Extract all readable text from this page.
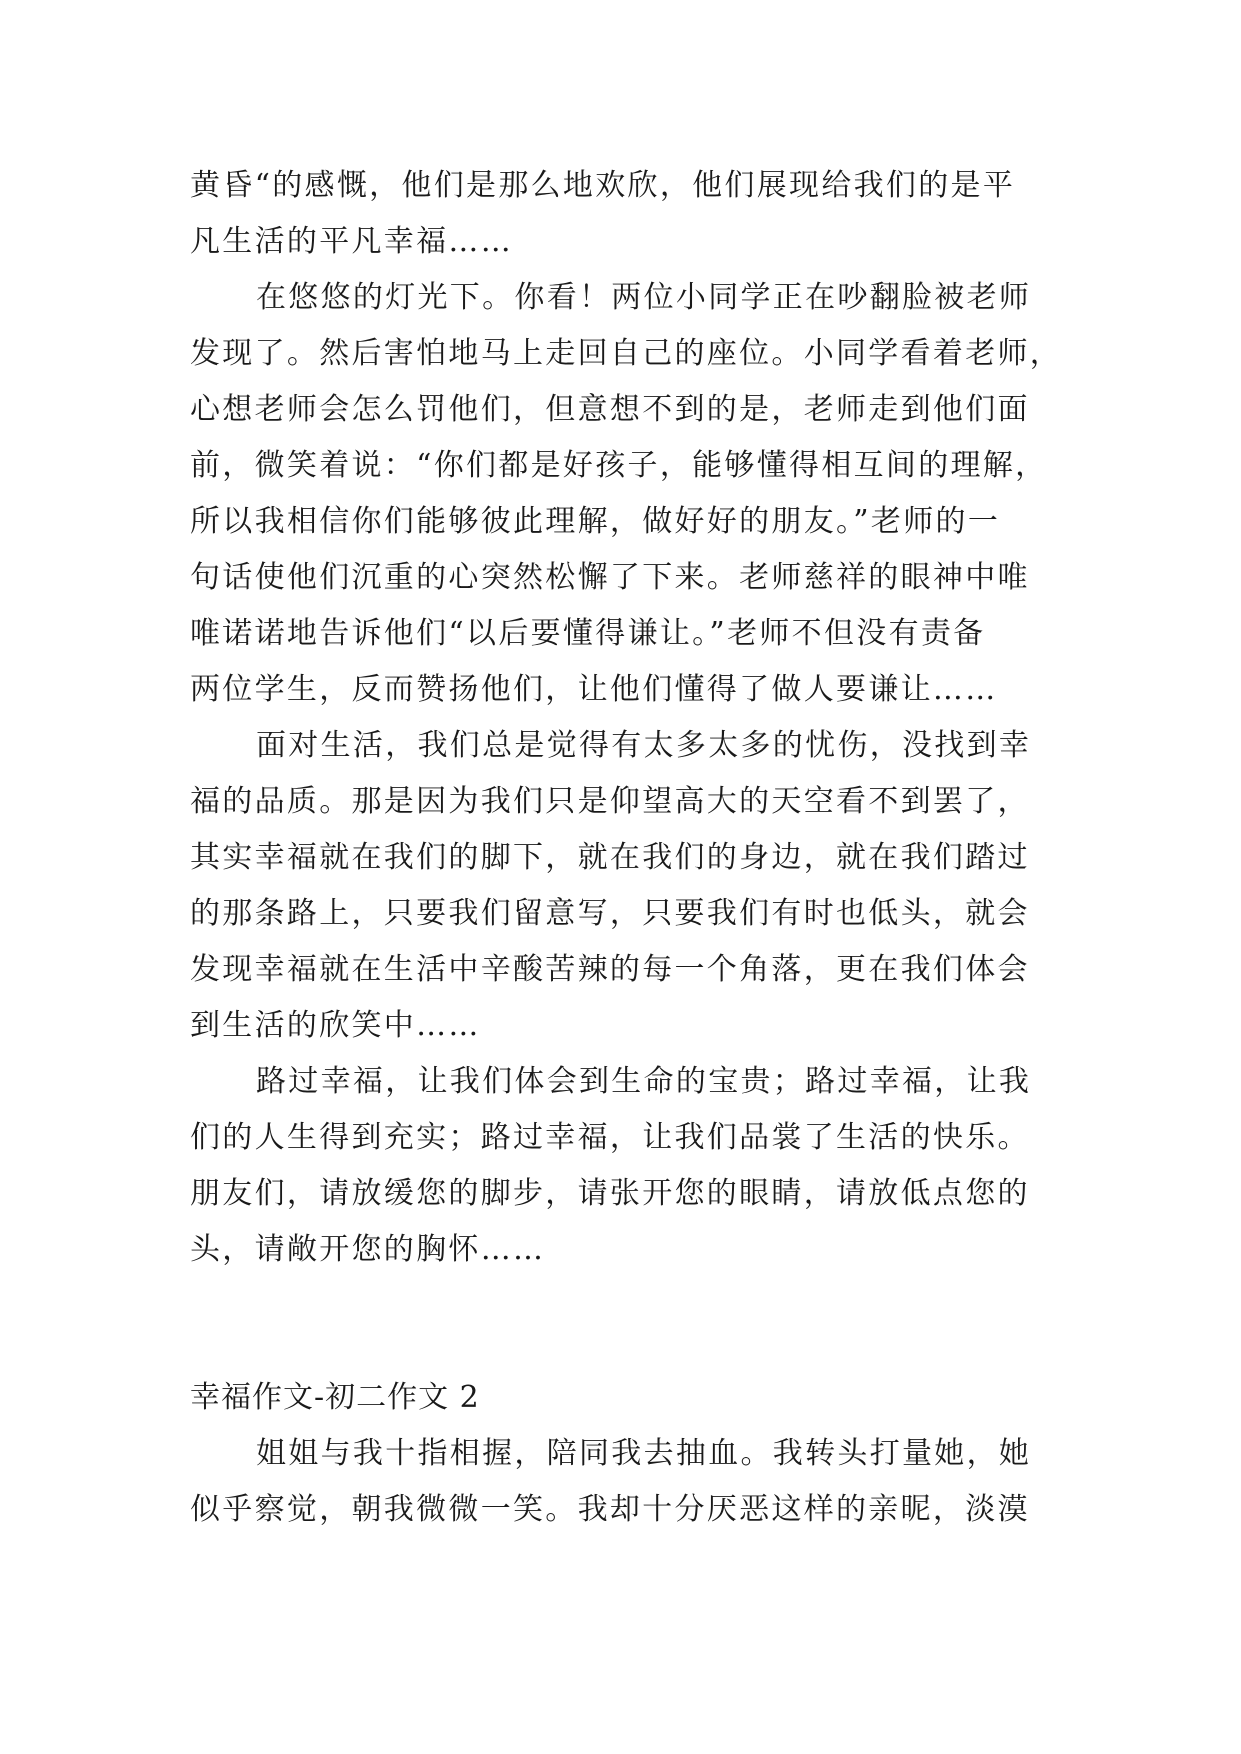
黄昏“的感慨，他们是那么地欢欣，他们展现给我们的是平
凡生活的平凡幸福……
在悠悠的灯光下。你看！两位小同学正在吵翻脸被老师
发现了。然后害怕地马上走回自己的座位。小同学看着老师，
心想老师会怎么罚他们，但意想不到的是，老师走到他们面
前，微笑着说：“你们都是好孩子，能够懂得相互间的理解，
所以我相信你们能够彼此理解，做好好的朋友。”老师的一
句话使他们沉重的心突然松懈了下来。老师慈祥的眼神中唯
唯诺诺地告诉他们“以后要懂得谦让。”老师不但没有责备
两位学生，反而赞扬他们，让他们懂得了做人要谦让……
面对生活，我们总是觉得有太多太多的忧伤，没找到幸
福的品质。那是因为我们只是仰望高大的天空看不到罢了，
其实幸福就在我们的脚下，就在我们的身边，就在我们踏过
的那条路上，只要我们留意写，只要我们有时也低头，就会
发现幸福就在生活中辛酸苦辣的每一个角落，更在我们体会
到生活的欣笑中……
路过幸福，让我们体会到生命的宝贵；路过幸福，让我
们的人生得到充实；路过幸福，让我们品裳了生活的快乐。
朋友们，请放缓您的脚步，请张开您的眼睛，请放低点您的
头，请敞开您的胸怀……
幸福作文-初二作文 2
姐姐与我十指相握，陪同我去抽血。我转头打量她，她
似乎察觉，朝我微微一笑。我却十分厌恶这样的亲昵，淡漠
